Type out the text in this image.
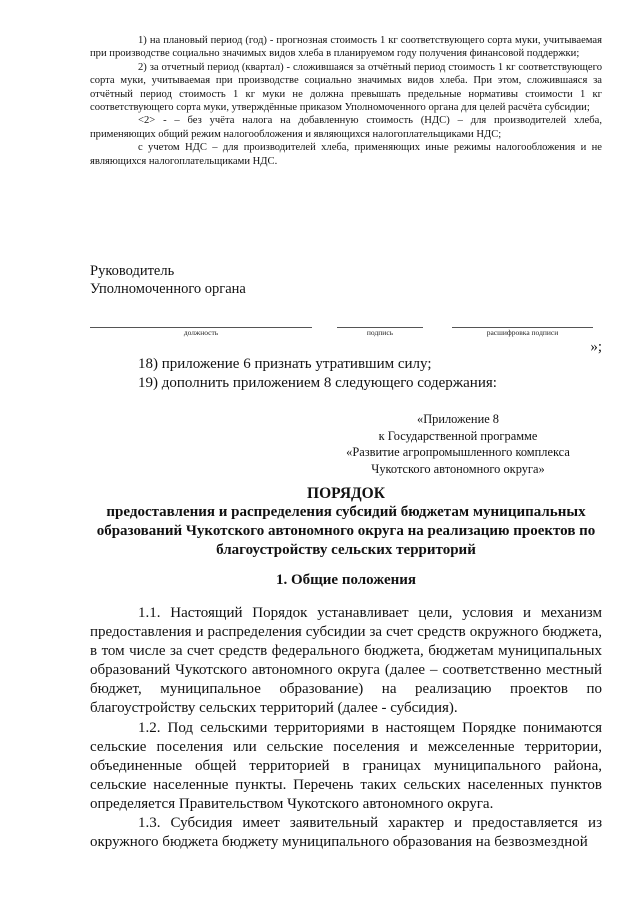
1) на плановый период (год) - прогнозная стоимость 1 кг соответствующего сорта муки, учитываемая при производстве социально значимых видов хлеба в планируемом году получения финансовой поддержки;

2) за отчетный период (квартал) - сложившаяся за отчётный период стоимость 1 кг соответствующего сорта муки, учитываемая при производстве социально значимых видов хлеба. При этом, сложившаяся за отчётный период стоимость 1 кг муки не должна превышать предельные нормативы стоимости 1 кг соответствующего сорта муки, утверждённые приказом Уполномоченного органа для целей расчёта субсидии;

<2> - – без учёта налога на добавленную стоимость (НДС) – для производителей хлеба, применяющих общий режим налогообложения и являющихся налогоплательщиками НДС;

с учетом НДС – для производителей хлеба, применяющих иные режимы налогообложения и не являющихся налогоплательщиками НДС.

Руководитель
Уполномоченного органа
должность	подпись	расшифровка подписи
»;
18) приложение 6 признать утратившим силу;
19) дополнить приложением 8 следующего содержания:
«Приложение 8
к Государственной программе
«Развитие агропромышленного комплекса
Чукотского автономного округа»
ПОРЯДОК
предоставления и распределения субсидий бюджетам муниципальных образований Чукотского автономного округа на реализацию проектов по благоустройству сельских территорий
1. Общие положения

1.1. Настоящий Порядок устанавливает цели, условия и механизм предоставления и распределения субсидии за счет средств окружного бюджета, в том числе за счет средств федерального бюджета, бюджетам муниципальных образований Чукотского автономного округа (далее – соответственно местный бюджет, муниципальное образование) на реализацию проектов по благоустройству сельских территорий (далее - субсидия).

1.2. Под сельскими территориями в настоящем Порядке понимаются сельские поселения или сельские поселения и межселенные территории, объединенные общей территорией в границах муниципального района, сельские населенные пункты. Перечень таких сельских населенных пунктов определяется Правительством Чукотского автономного округа.

1.3. Субсидия имеет заявительный характер и предоставляется из окружного бюджета бюджету муниципального образования на безвозмездной
